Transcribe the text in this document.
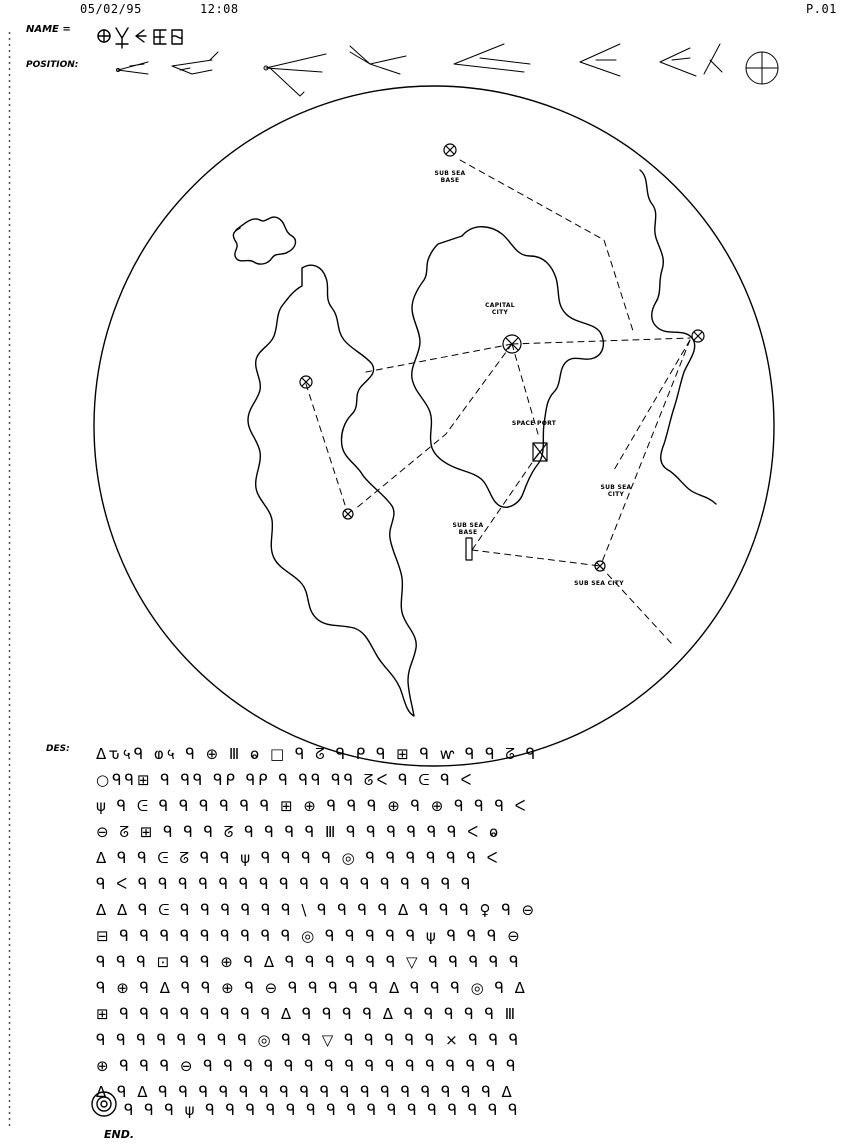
05/02/95	12:08	P.01
NAME =
POSITION:
SUB SEA BASE
CAPITAL CITY
SPACE PORT
SUB SEA CITY
SUB SEA BASE
SUB SEA CITY
DES: Δԏ५ᑫ ⱷ५ ᑫ ⊕ Ⅲ ⱺ □ ᑫ ᘔ ᑫ ᑭ ᑫ ⊞ ᑫ ⱳ ᑫ ᑫ ᘔ ᑫ
○ᑫᑫ⊞ ᑫ ᑫᑫ ᑫᑭ ᑫᑭ ᑫ ᑫᑫ ᑫᑫ ᘔᐸ ᑫ ᕮ ᑫ ᐸ
ψ ᑫ ᕮ ᑫ ᑫ ᑫ ᑫ ᑫ ᑫ ⊞ ⊕ ᑫ ᑫ ᑫ ⊕ ᑫ ⊕ ᑫ ᑫ ᑫ ᐸ
⊖ ᘔ ⊞ ᑫ ᑫ ᑫ ᘔ ᑫ ᑫ ᑫ ᑫ Ⅲ ᑫ ᑫ ᑫ ᑫ ᑫ ᑫ ᐸ ⱺ
Δ ᑫ ᑫ ᕮ ᘔ ᑫ ᑫ ψ ᑫ ᑫ ᑫ ᑫ ◎ ᑫ ᑫ ᑫ ᑫ ᑫ ᑫ ᐸ
ᑫ ᐸ ᑫ ᑫ ᑫ ᑫ ᑫ ᑫ ᑫ ᑫ ᑫ ᑫ ᑫ ᑫ ᑫ ᑫ ᑫ ᑫ ᑫ
Δ Δ ᑫ ᕮ ᑫ ᑫ ᑫ ᑫ ᑫ ᑫ \ ᑫ ᑫ ᑫ ᑫ Δ ᑫ ᑫ ᑫ ♀ ᑫ ⊖
⊟ ᑫ ᑫ ᑫ ᑫ ᑫ ᑫ ᑫ ᑫ ᑫ ◎ ᑫ ᑫ ᑫ ᑫ ᑫ ψ ᑫ ᑫ ᑫ ⊖
ᑫ ᑫ ᑫ ⊡ ᑫ ᑫ ⊕ ᑫ Δ ᑫ ᑫ ᑫ ᑫ ᑫ ᑫ ▽ ᑫ ᑫ ᑫ ᑫ ᑫ
ᑫ ⊕ ᑫ Δ ᑫ ᑫ ⊕ ᑫ ⊖ ᑫ ᑫ ᑫ ᑫ ᑫ Δ ᑫ ᑫ ᑫ ◎ ᑫ Δ
⊞ ᑫ ᑫ ᑫ ᑫ ᑫ ᑫ ᑫ ᑫ Δ ᑫ ᑫ ᑫ ᑫ Δ ᑫ ᑫ ᑫ ᑫ ᑫ Ⅲ
ᑫ ᑫ ᑫ ᑫ ᑫ ᑫ ᑫ ᑫ ◎ ᑫ ᑫ ▽ ᑫ ᑫ ᑫ ᑫ ᑫ × ᑫ ᑫ ᑫ
⊕ ᑫ ᑫ ᑫ ⊖ ᑫ ᑫ ᑫ ᑫ ᑫ ᑫ ᑫ ᑫ ᑫ ᑫ ᑫ ᑫ ᑫ ᑫ ᑫ ᑫ
Δ ᑫ Δ ᑫ ᑫ ᑫ ᑫ ᑫ ᑫ ᑫ ᑫ ᑫ ᑫ ᑫ ᑫ ᑫ ᑫ ᑫ ᑫ ᑫ Δ
ᑫ ᑫ ᑫ ψ ᑫ ᑫ ᑫ ᑫ ᑫ ᑫ ᑫ ᑫ ᑫ ᑫ ᑫ ᑫ ᑫ ᑫ ᑫ ᑫ
END.
